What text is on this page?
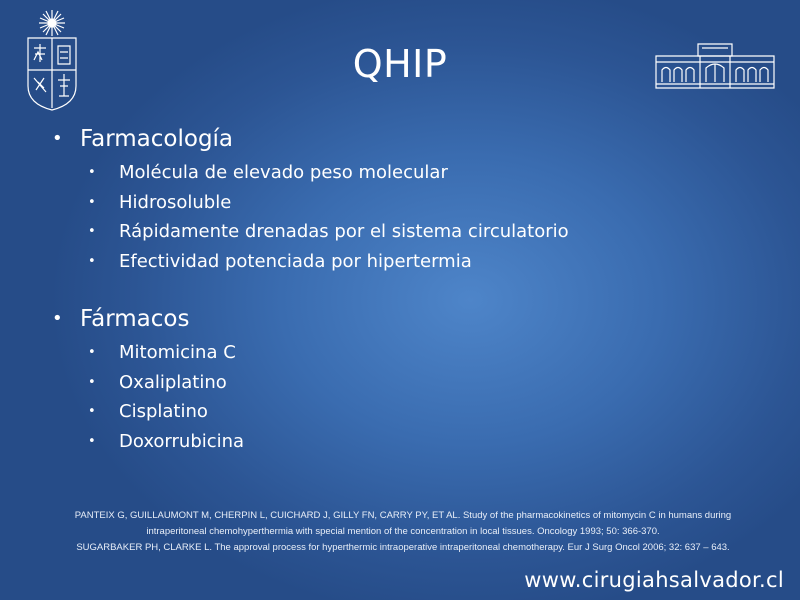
QHIP
• Farmacología
• Molécula de elevado peso molecular
• Hidrosoluble
• Rápidamente drenadas por el sistema circulatorio
• Efectividad potenciada por hipertermia
• Fármacos
• Mitomicina C
• Oxaliplatino
• Cisplatino
• Doxorrubicina

PANTEIX G, GUILLAUMONT M, CHERPIN L, CUICHARD J, GILLY FN, CARRY PY, ET AL. Study of the pharmacokinetics of mitomycin C in humans during intraperitoneal chemohyperthermia with special mention of the concentration in local tissues. Oncology 1993; 50: 366-370.

SUGARBAKER PH, CLARKE L. The approval process for hyperthermic intraoperative intraperitoneal chemotherapy. Eur J Surg Oncol 2006; 32: 637 – 643.

www.cirugiahsalvador.cl
